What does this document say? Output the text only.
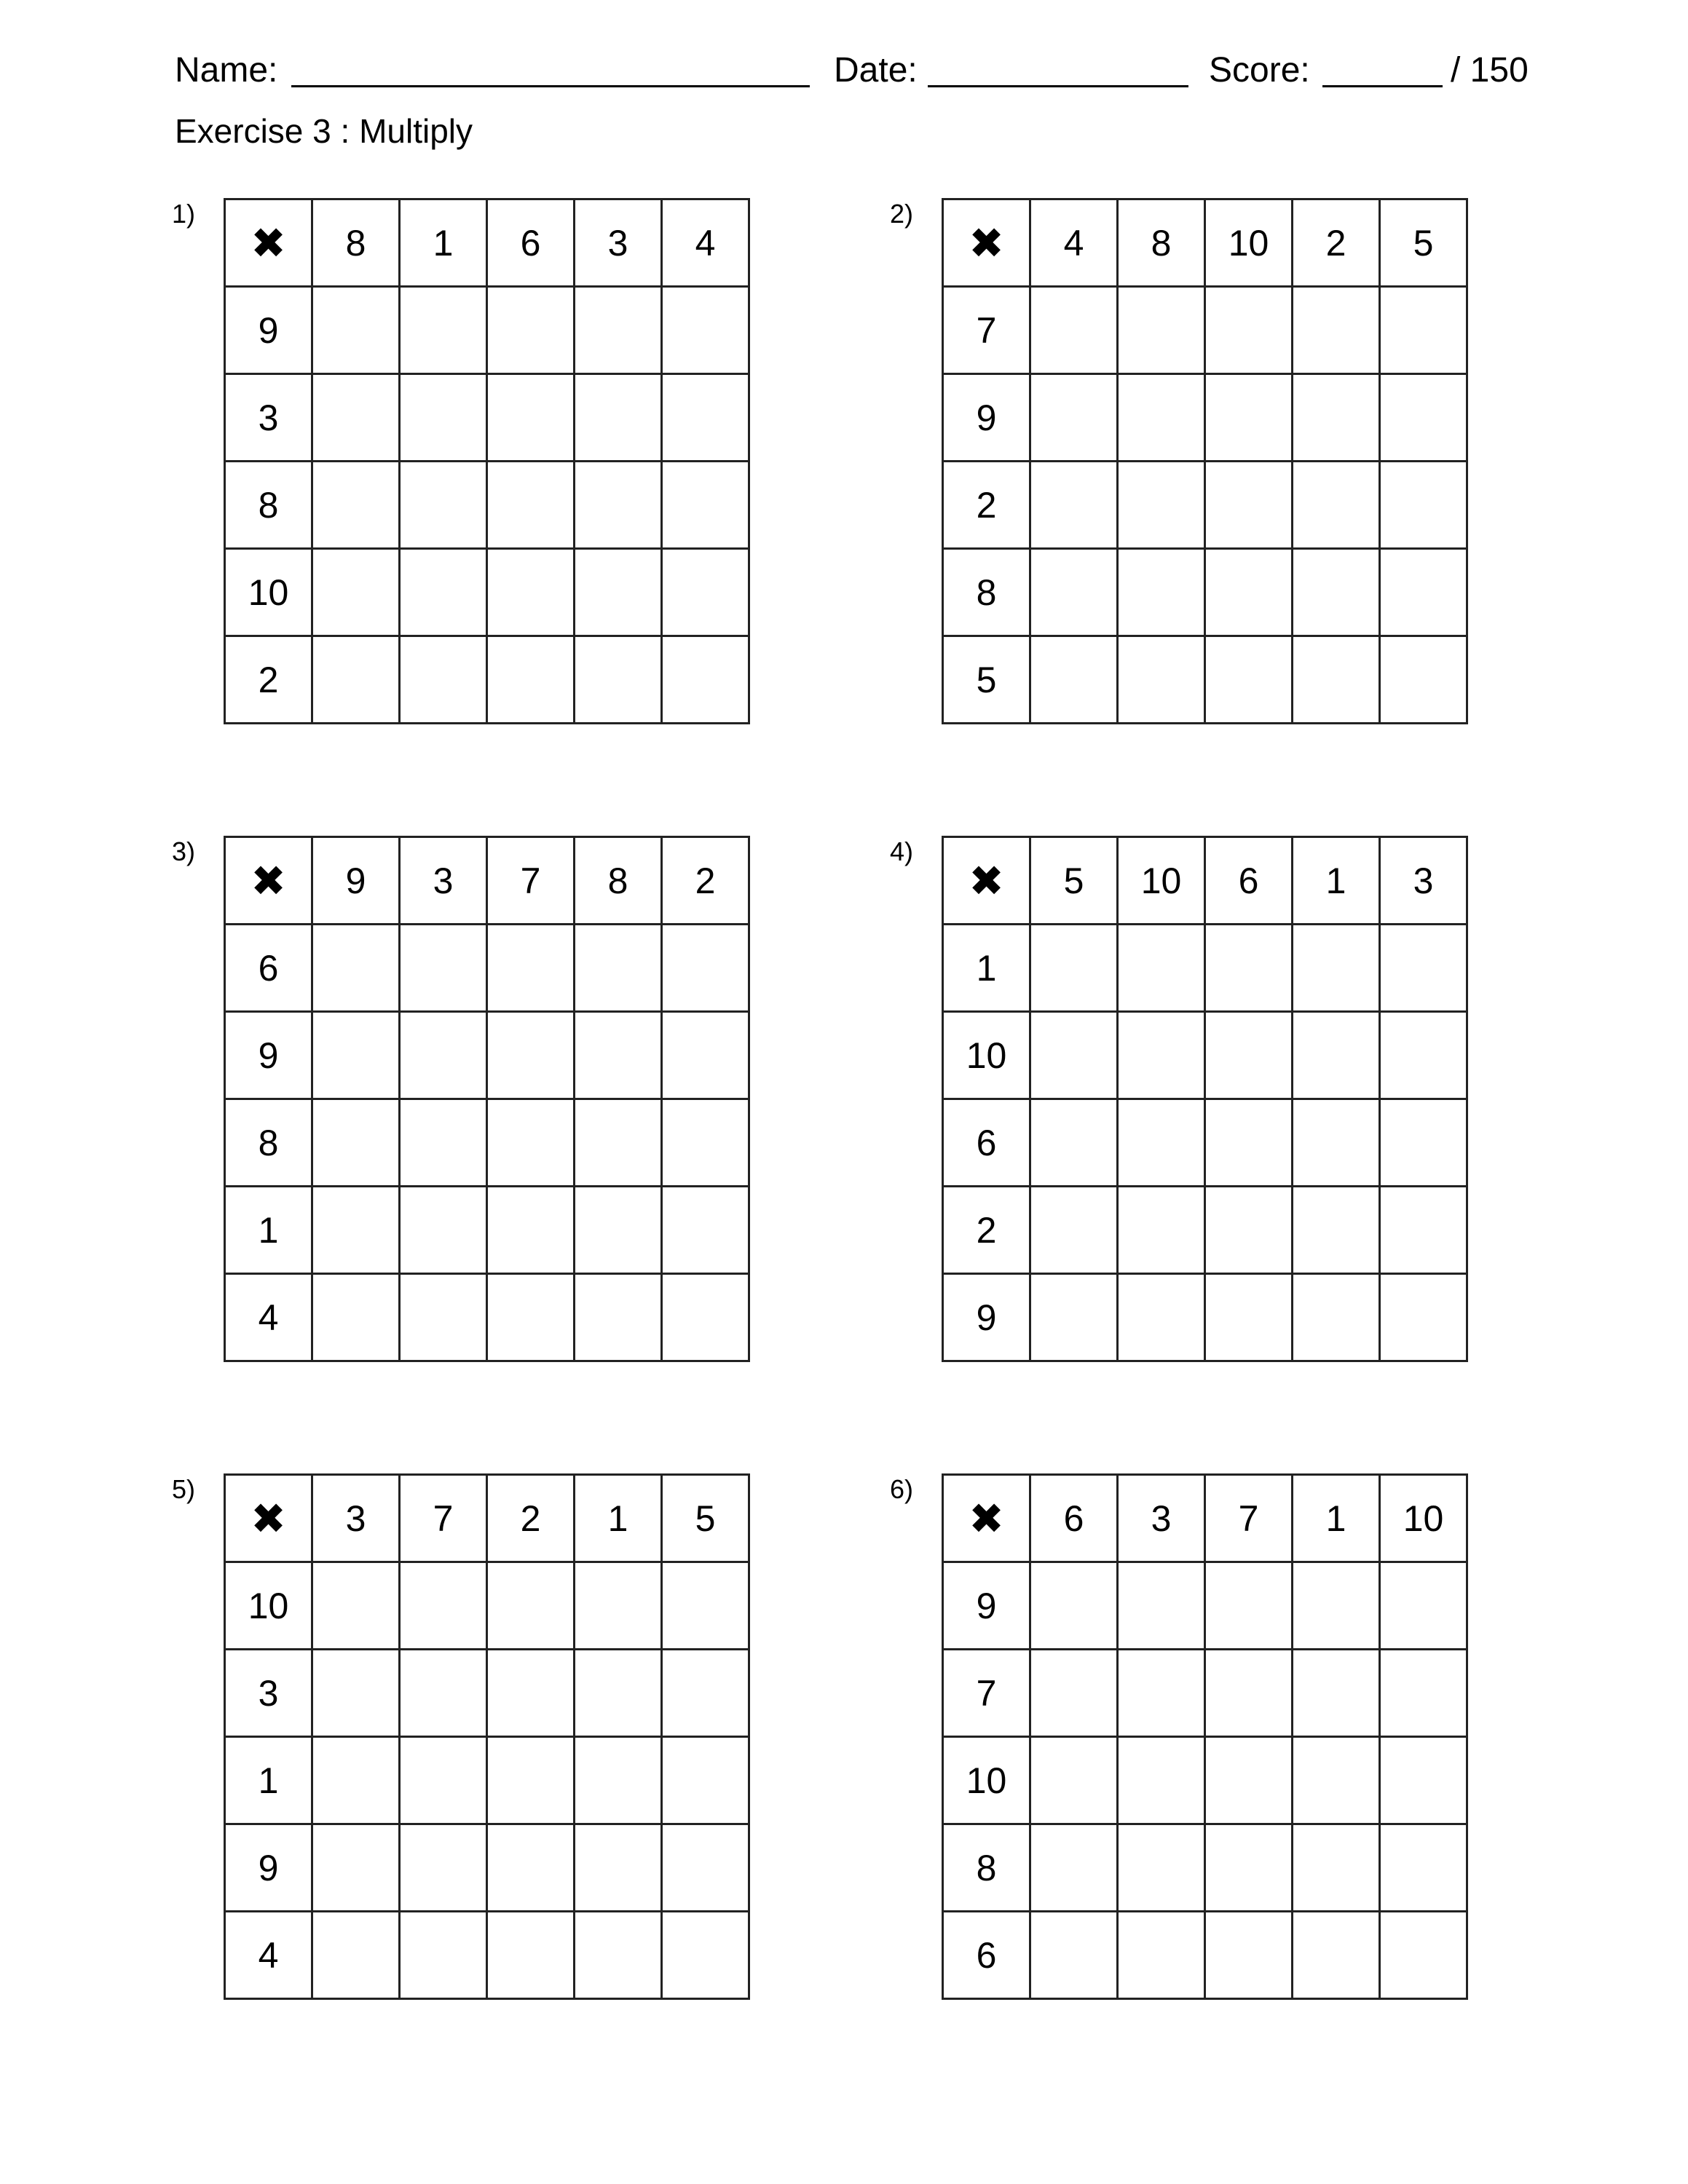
Name:	Date:	Score:	/ 150
Exercise 3 : Multiply
1)
✖	8	1	6	3	4
9					
3					
8					
10					
2					
2)
✖	4	8	10	2	5
7					
9					
2					
8					
5					
3)
✖	9	3	7	8	2
6					
9					
8					
1					
4					
4)
✖	5	10	6	1	3
1					
10					
6					
2					
9					
5)
✖	3	7	2	1	5
10					
3					
1					
9					
4					
6)
✖	6	3	7	1	10
9					
7					
10					
8					
6					
